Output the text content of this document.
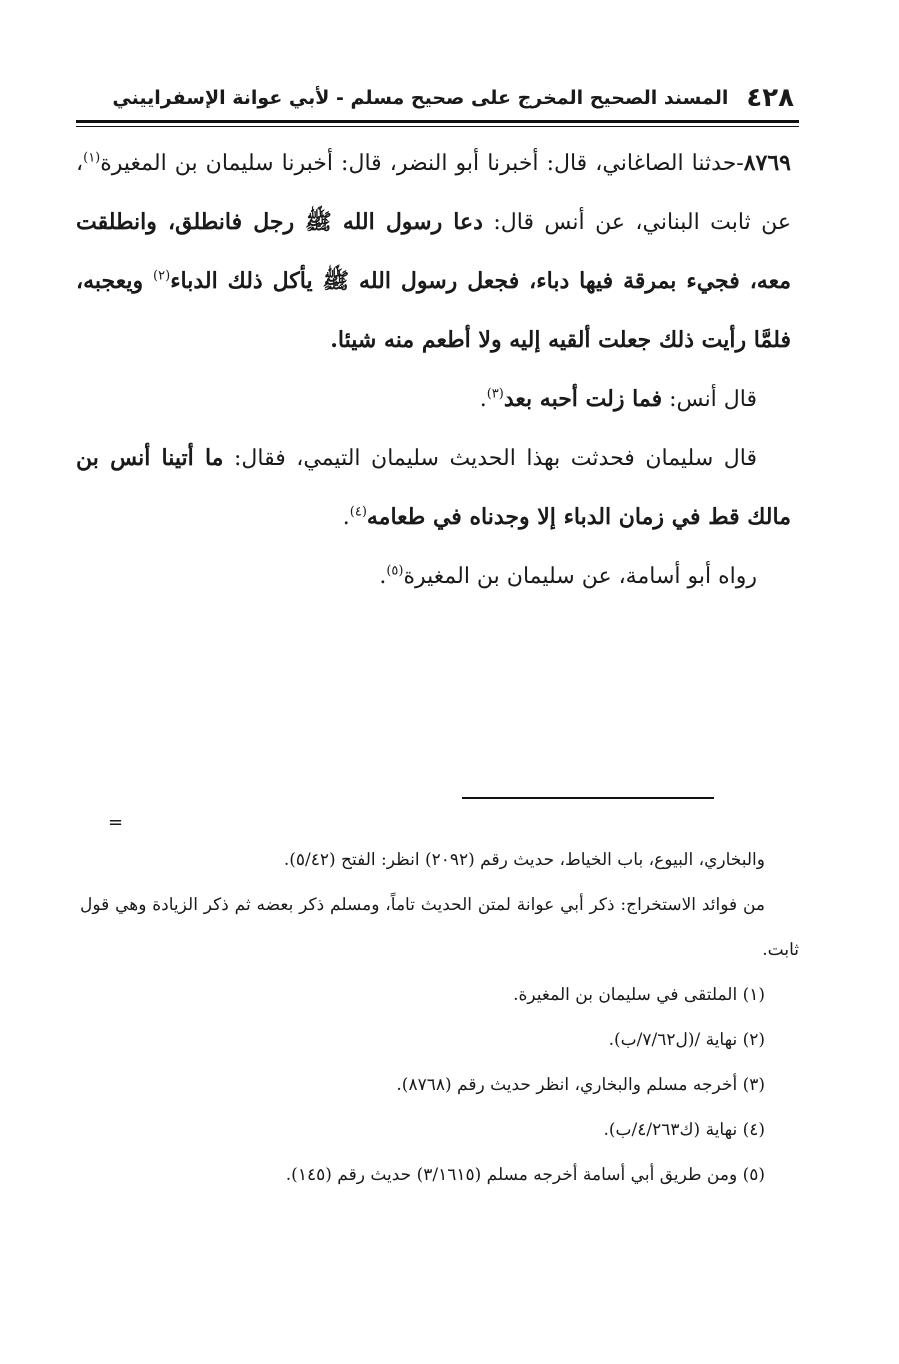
٤٢٨
المسند الصحيح المخرج على صحيح مسلم - لأبي عوانة الإسفراييني

٨٧٦٩-حدثنا الصاغاني، قال: أخبرنا أبو النضر، قال: أخبرنا سليمان بن المغيرة$^{(١)}$، عن ثابت البناني، عن أنس قال: دعا رسول الله ﷺ رجل فانطلق، وانطلقت معه، فجيء بمرقة فيها دباء، فجعل رسول الله ﷺ يأكل ذلك الدباء$^{(٢)}$ ويعجبه، فلمَّا رأيت ذلك جعلت ألقيه إليه ولا أطعم منه شيئا.

قال أنس: فما زلت أحبه بعد$^{(٣)}$.

قال سليمان فحدثت بهذا الحديث سليمان التيمي، فقال: ما أتينا أنس بن مالك قط في زمان الدباء إلا وجدناه في طعامه$^{(٤)}$.

رواه أبو أسامة، عن سليمان بن المغيرة$^{(٥)}$.

=

والبخاري، البيوع، باب الخياط، حديث رقم (٢٠٩٢) انظر: الفتح (٥/٤٢).

من فوائد الاستخراج: ذكر أبي عوانة لمتن الحديث تاماً، ومسلم ذكر بعضه ثم ذكر الزيادة وهي قول ثابت.

(١) الملتقى في سليمان بن المغيرة.

(٢) نهاية /(ل٧/٦٢/ب).

(٣) أخرجه مسلم والبخاري، انظر حديث رقم (٨٧٦٨).

(٤) نهاية (ك٤/٢٦٣/ب).

(٥) ومن طريق أبي أسامة أخرجه مسلم (٣/١٦١٥) حديث رقم (١٤٥).
